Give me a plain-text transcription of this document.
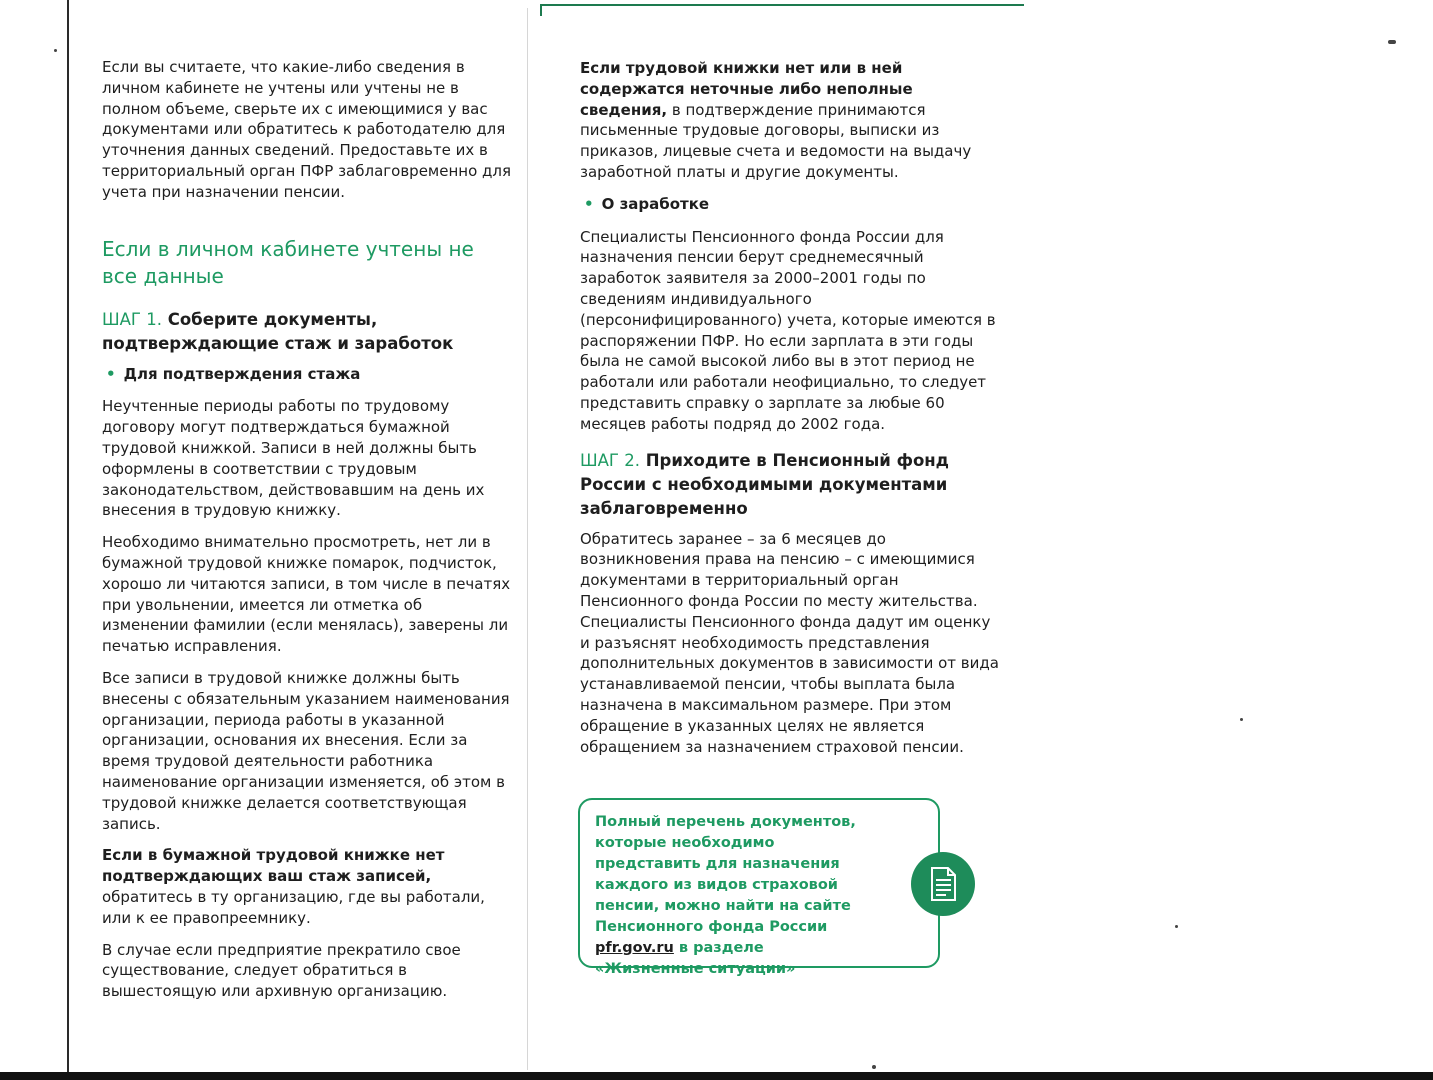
Если вы считаете, что какие-либо сведения в личном кабинете не учтены или учтены не в полном объеме, сверьте их с имеющимися у вас документами или обратитесь к работодателю для уточнения данных сведений. Предоставьте их в территориальный орган ПФР заблаговременно для учета при назначении пенсии.

Если в личном кабинете учтены не все данные
ШАГ 1. Соберите документы, подтверждающие стаж и заработок
• Для подтверждения стажа

Неучтенные периоды работы по трудовому договору могут подтверждаться бумажной трудовой книжкой. Записи в ней должны быть оформлены в соответствии с трудовым законодательством, действовавшим на день их внесения в трудовую книжку.

Необходимо внимательно просмотреть, нет ли в бумажной трудовой книжке помарок, подчисток, хорошо ли читаются записи, в том числе в печатях при увольнении, имеется ли отметка об изменении фамилии (если менялась), заверены ли печатью исправления.

Все записи в трудовой книжке должны быть внесены с обязательным указанием наименования организации, периода работы в указанной организации, основания их внесения. Если за время трудовой деятельности работника наименование организации изменяется, об этом в трудовой книжке делается соответствующая запись.

Если в бумажной трудовой книжке нет подтверждающих ваш стаж записей, обратитесь в ту организацию, где вы работали, или к ее правопреемнику.

В случае если предприятие прекратило свое существование, следует обратиться в вышестоящую или архивную организацию.

Если трудовой книжки нет или в ней содержатся неточные либо неполные сведения, в подтверждение принимаются письменные трудовые договоры, выписки из приказов, лицевые счета и ведомости на выдачу заработной платы и другие документы.

• О заработке

Специалисты Пенсионного фонда России для назначения пенсии берут среднемесячный заработок заявителя за 2000–2001 годы по сведениям индивидуального (персонифицированного) учета, которые имеются в распоряжении ПФР. Но если зарплата в эти годы была не самой высокой либо вы в этот период не работали или работали неофициально, то следует представить справку о зарплате за любые 60 месяцев работы подряд до 2002 года.

ШАГ 2. Приходите в Пенсионный фонд России с необходимыми документами заблаговременно

Обратитесь заранее – за 6 месяцев до возникновения права на пенсию – с имеющимися документами в территориальный орган Пенсионного фонда России по месту жительства. Специалисты Пенсионного фонда дадут им оценку и разъяснят необходимость представления дополнительных документов в зависимости от вида устанавливаемой пенсии, чтобы выплата была назначена в максимальном размере. При этом обращение в указанных целях не является обращением за назначением страховой пенсии.

Полный перечень документов, которые необходимо представить для назначения каждого из видов страховой пенсии, можно найти на сайте Пенсионного фонда России pfr.gov.ru в разделе «Жизненные ситуации»
